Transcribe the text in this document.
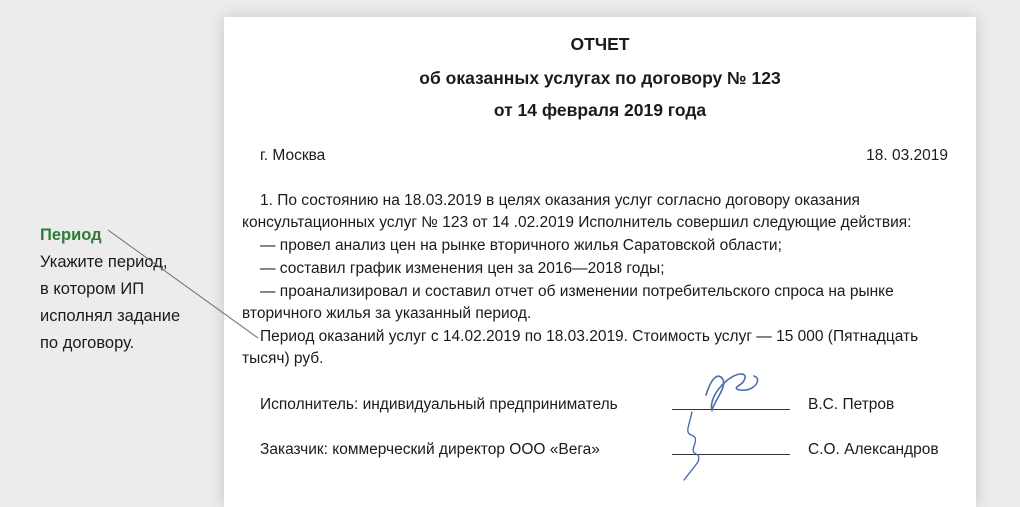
ОТЧЕТ
об оказанных услугах по договору № 123
от 14 февраля 2019 года
г. Москва	18. 03.2019
1. По состоянию на 18.03.2019 в целях оказания услуг согласно договору оказания
консультационных услуг № 123 от 14 .02.2019 Исполнитель совершил следующие действия:
— провел анализ цен на рынке вторичного жилья Саратовской области;
— составил график изменения цен за 2016—2018 годы;
— проанализировал и составил отчет об изменении потребительского спроса на рынке
вторичного жилья за указанный период.
Период оказаний услуг с 14.02.2019 по 18.03.2019. Стоимость услуг — 15 000 (Пятнадцать
тысяч) руб.
Исполнитель: индивидуальный предприниматель	В.С. Петров
Заказчик: коммерческий директор ООО «Вега»	С.О. Александров
Период
Укажите период,
в котором ИП
исполнял задание
по договору.
